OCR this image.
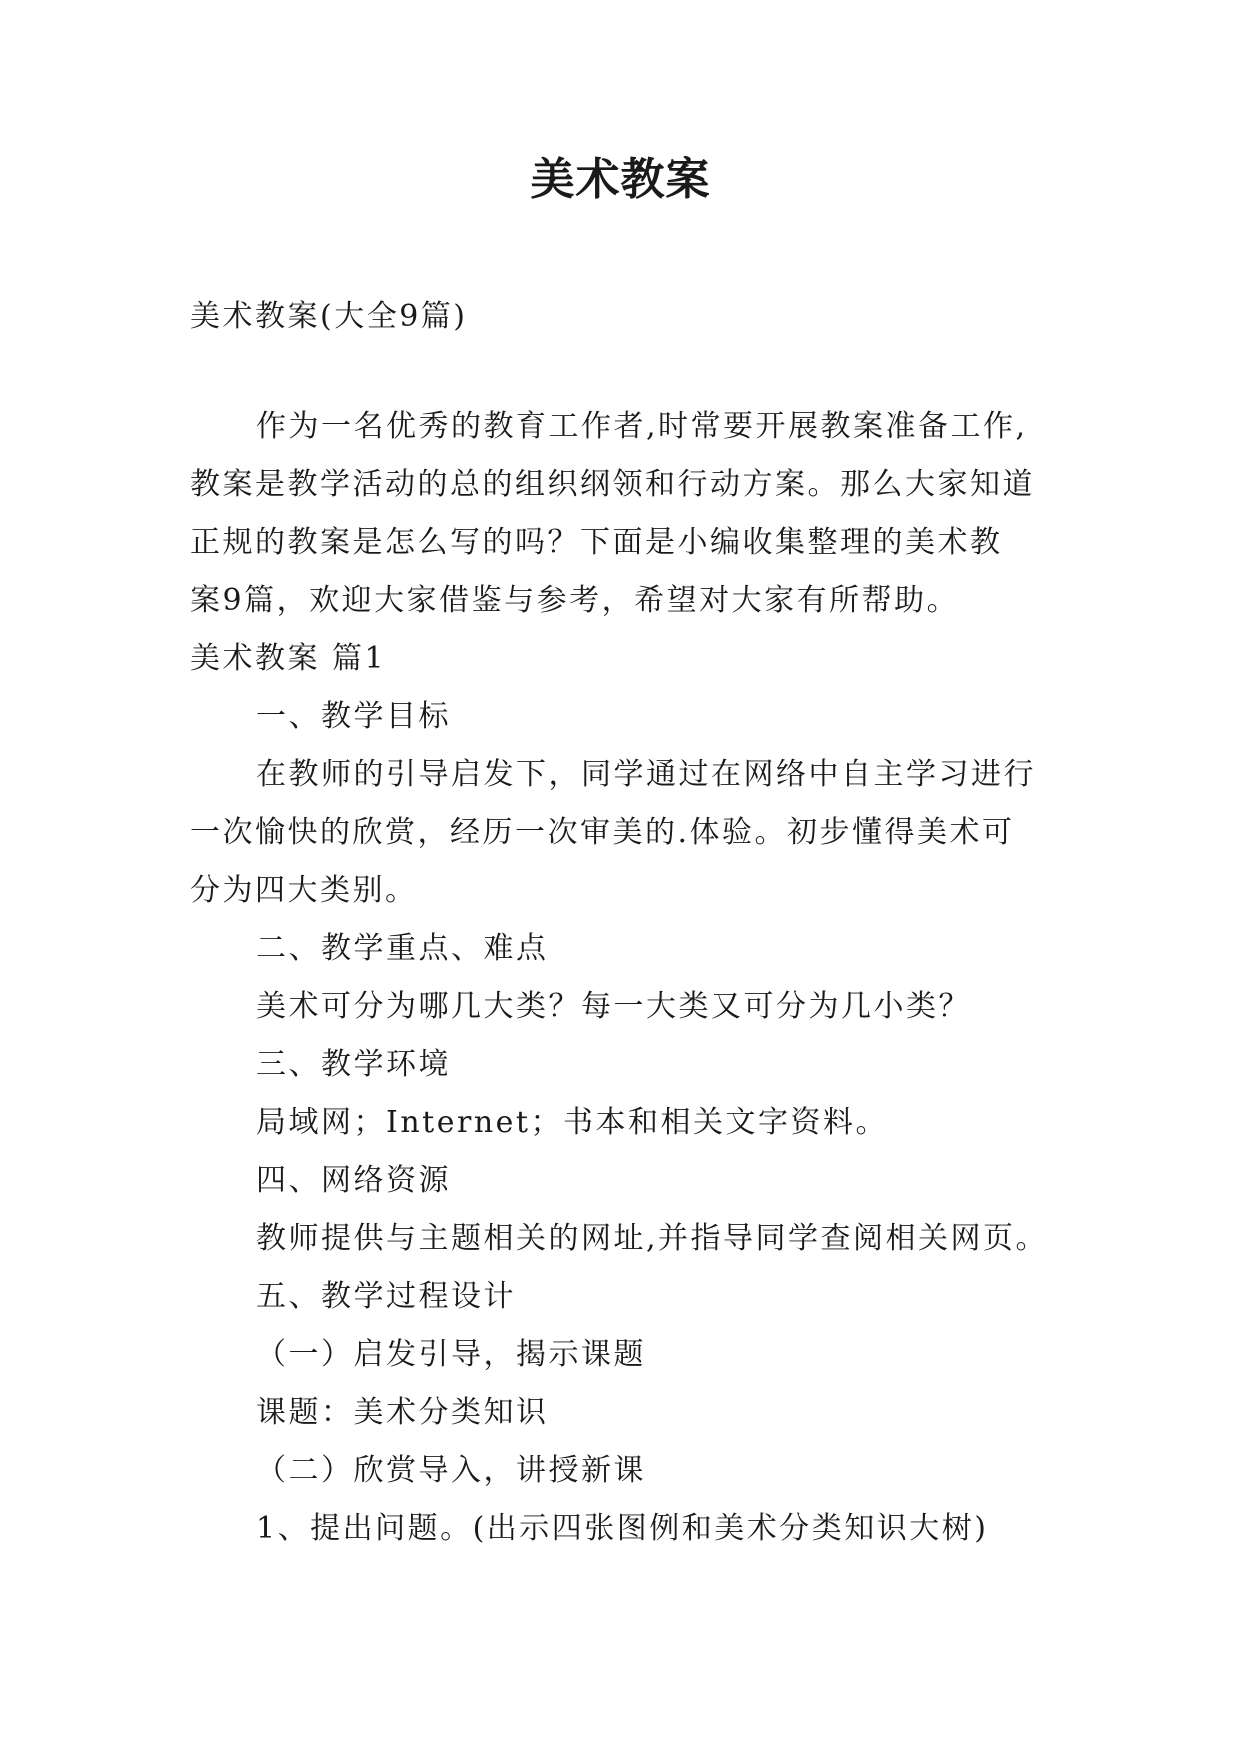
美术教案
美术教案(大全9篇)
作为一名优秀的教育工作者,时常要开展教案准备工作,
教案是教学活动的总的组织纲领和行动方案。那么大家知道
正规的教案是怎么写的吗？下面是小编收集整理的美术教
案9篇，欢迎大家借鉴与参考，希望对大家有所帮助。
美术教案 篇1
一、教学目标
在教师的引导启发下，同学通过在网络中自主学习进行
一次愉快的欣赏，经历一次审美的.体验。初步懂得美术可
分为四大类别。
二、教学重点、难点
美术可分为哪几大类？每一大类又可分为几小类？
三、教学环境
局域网；Internet；书本和相关文字资料。
四、网络资源
教师提供与主题相关的网址,并指导同学查阅相关网页。
五、教学过程设计
（一）启发引导，揭示课题
课题：美术分类知识
（二）欣赏导入，讲授新课
1、提出问题。(出示四张图例和美术分类知识大树)
